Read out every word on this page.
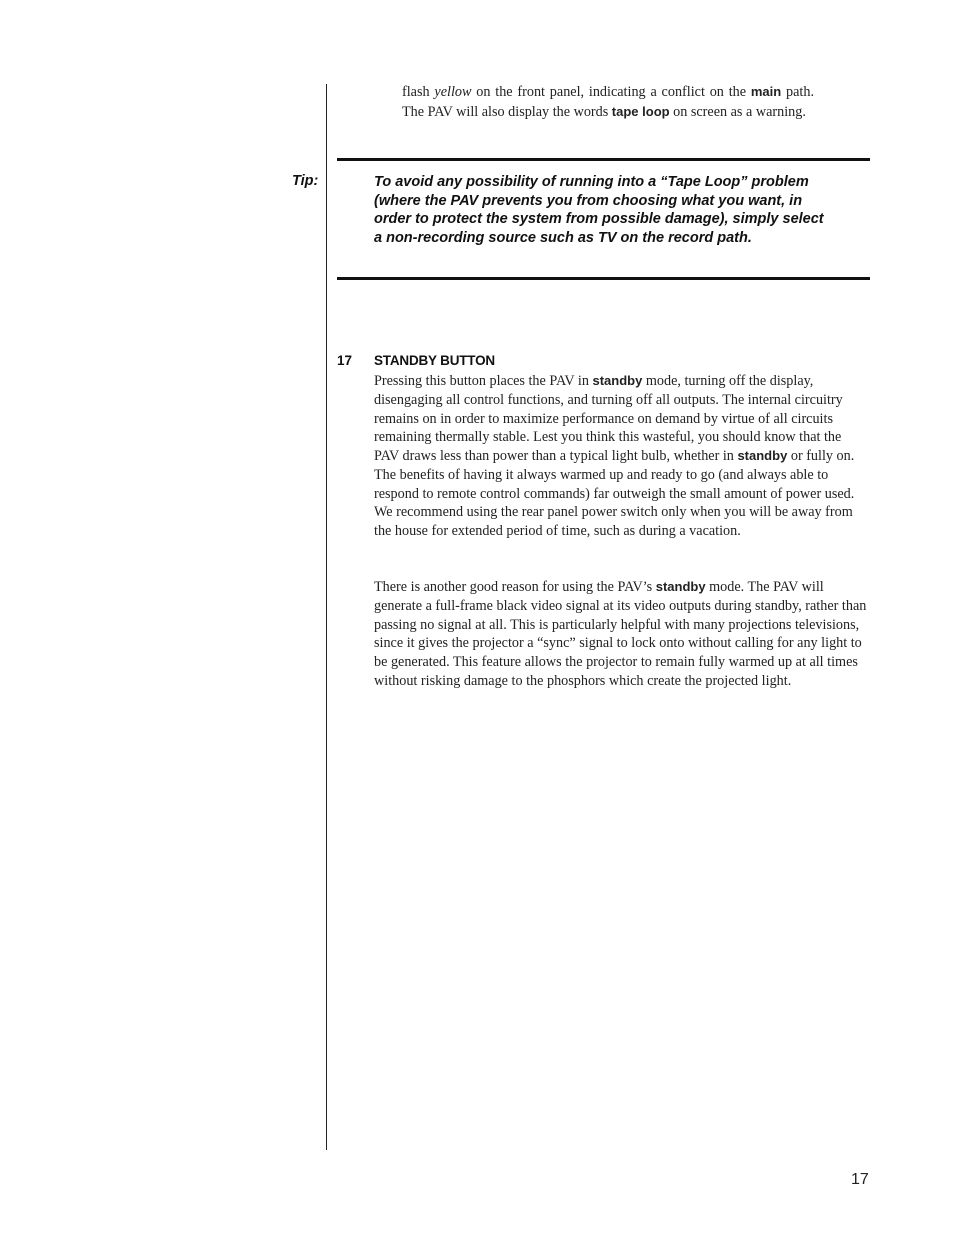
flash yellow on the front panel, indicating a conflict on the main path. The PAV will also display the words tape loop on screen as a warning.
Tip:	To avoid any possibility of running into a “Tape Loop” problem (where the PAV prevents you from choosing what you want, in order to protect the system from possible damage), simply select a non-recording source such as TV on the record path.
17 STANDBY BUTTON
Pressing this button places the PAV in standby mode, turning off the display, disengaging all control functions, and turning off all outputs. The internal circuitry remains on in order to maximize performance on demand by virtue of all circuits remaining thermally stable. Lest you think this wasteful, you should know that the PAV draws less than power than a typical light bulb, whether in standby or fully on. The benefits of having it always warmed up and ready to go (and always able to respond to remote control commands) far outweigh the small amount of power used. We recommend using the rear panel power switch only when you will be away from the house for extended period of time, such as during a vacation.
There is another good reason for using the PAV’s standby mode. The PAV will generate a full-frame black video signal at its video outputs during standby, rather than passing no signal at all. This is particularly helpful with many projections televisions, since it gives the projector a “sync” signal to lock onto without calling for any light to be generated. This feature allows the projector to remain fully warmed up at all times without risking damage to the phosphors which create the projected light.
17
